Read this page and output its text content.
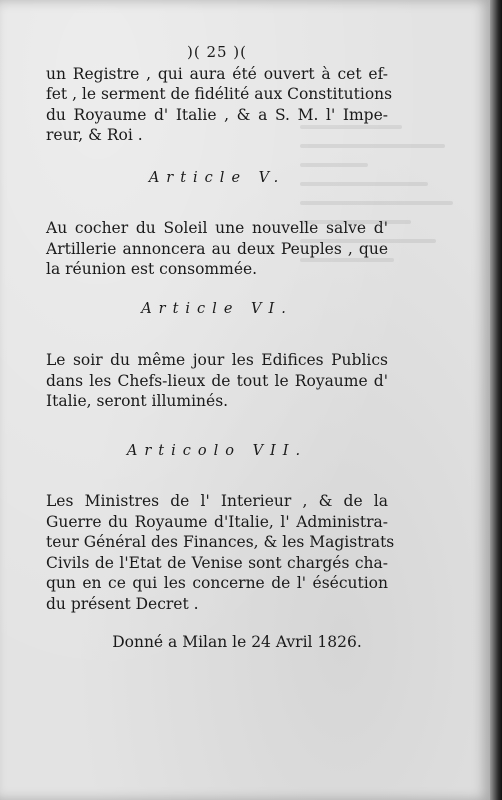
)( 25 )(
un Registre , qui aura été ouvert à cet ef-
fet , le serment de fidélité aux Constitutions
du Royaume d' Italie , & a S. M. l' Impe-
reur, & Roi .
Article V.
Au cocher du Soleil une nouvelle salve d'
Artillerie annoncera au deux Peuples , que
la réunion est consommée.
Article VI.
Le soir du même jour les Edifices Publics
dans les Chefs-lieux de tout le Royaume d'
Italie, seront illuminés.
Articolo VII.
Les Ministres de l' Interieur , & de la
Guerre du Royaume d'Italie, l' Administra-
teur Général des Finances, & les Magistrats
Civils de l'Etat de Venise sont chargés cha-
qun en ce qui les concerne de l' ésécution
du présent Decret .
Donné a Milan le 24 Avril 1826.
